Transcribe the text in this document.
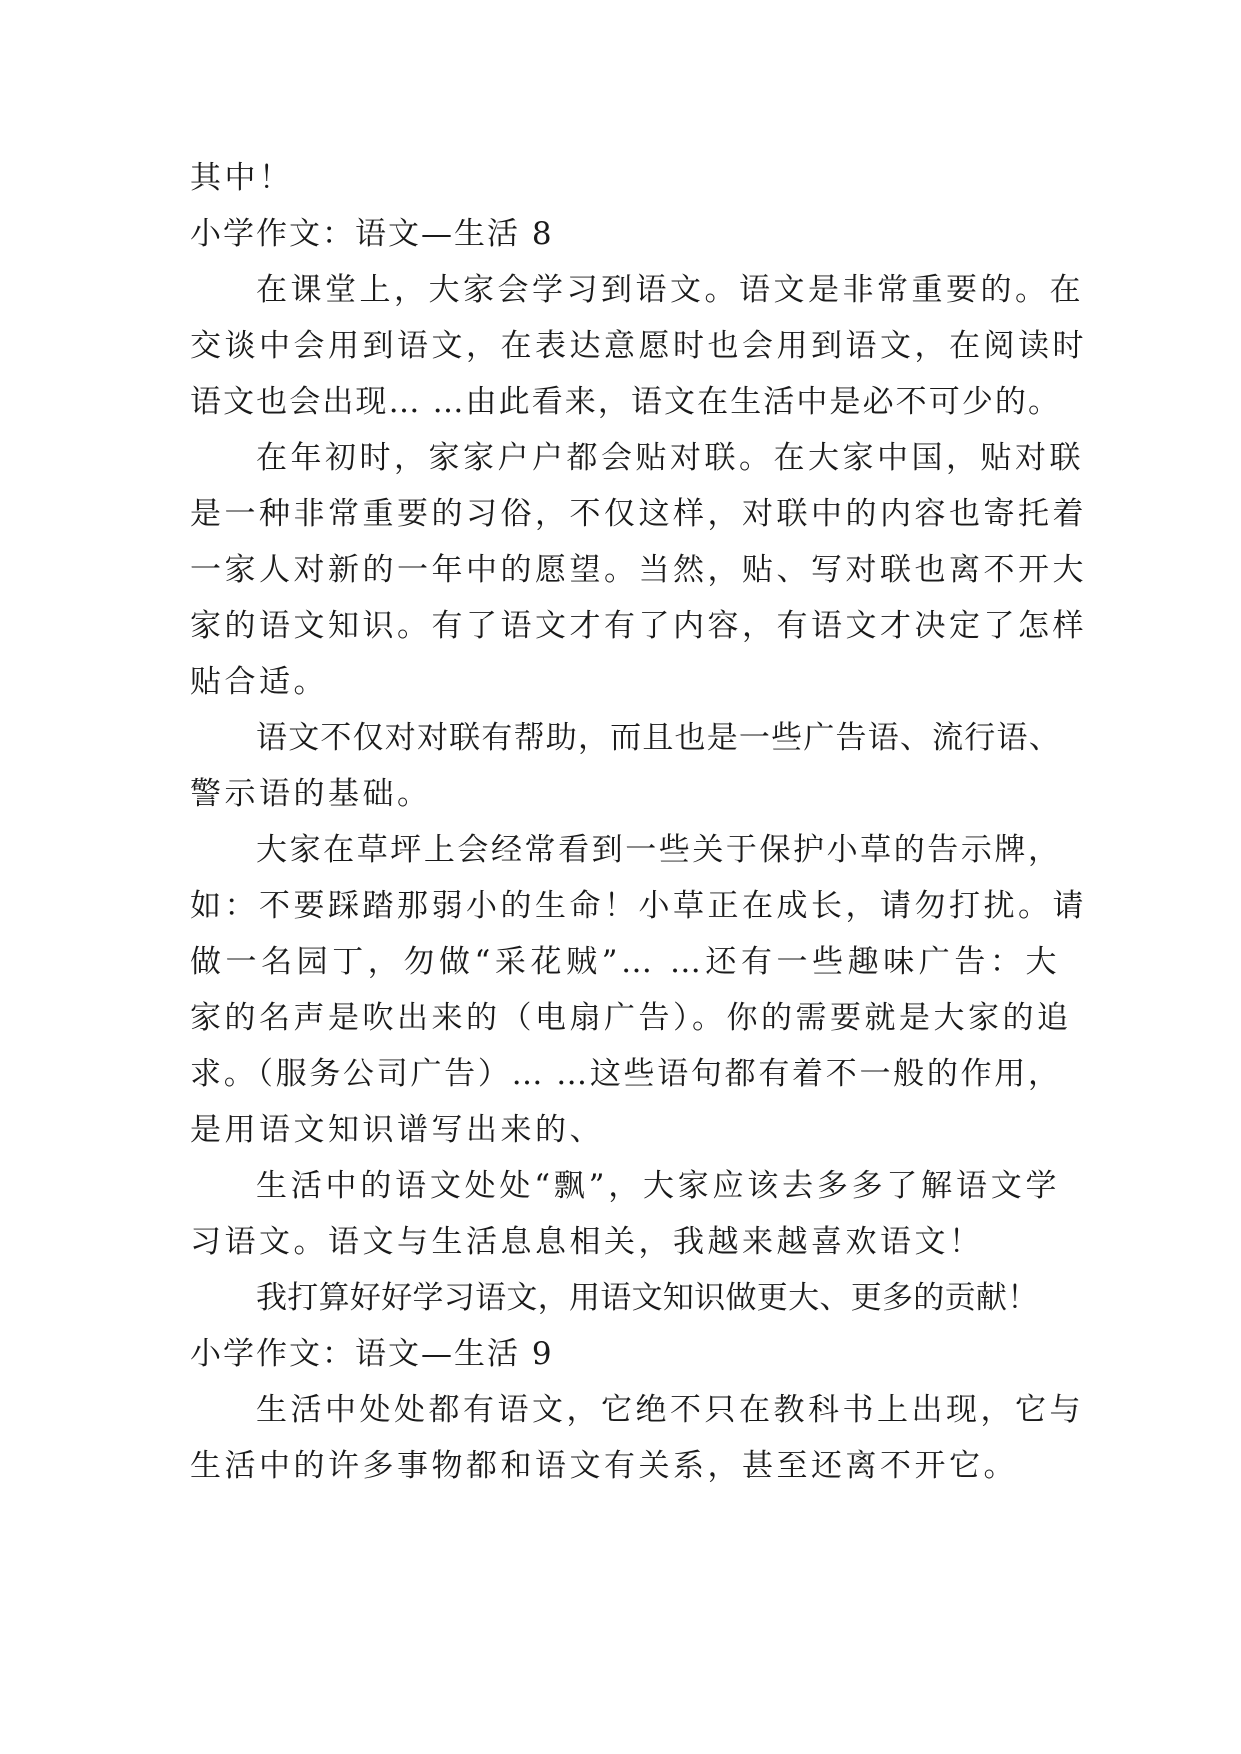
其中！
小学作文：语文—生活 8
在课堂上，大家会学习到语文。语文是非常重要的。在
交谈中会用到语文，在表达意愿时也会用到语文，在阅读时
语文也会出现… …由此看来，语文在生活中是必不可少的。
在年初时，家家户户都会贴对联。在大家中国，贴对联
是一种非常重要的习俗，不仅这样，对联中的内容也寄托着
一家人对新的一年中的愿望。当然，贴、写对联也离不开大
家的语文知识。有了语文才有了内容，有语文才决定了怎样
贴合适。
语文不仅对对联有帮助，而且也是一些广告语、流行语、
警示语的基础。
大家在草坪上会经常看到一些关于保护小草的告示牌，
如：不要踩踏那弱小的生命！小草正在成长，请勿打扰。请
做一名园丁，勿做“采花贼”… …还有一些趣味广告：大
家的名声是吹出来的（电扇广告）。你的需要就是大家的追
求。（服务公司广告）… …这些语句都有着不一般的作用，
是用语文知识谱写出来的、
生活中的语文处处“飘”，大家应该去多多了解语文学
习语文。语文与生活息息相关，我越来越喜欢语文！
我打算好好学习语文，用语文知识做更大、更多的贡献！
小学作文：语文—生活 9
生活中处处都有语文，它绝不只在教科书上出现，它与
生活中的许多事物都和语文有关系，甚至还离不开它。
